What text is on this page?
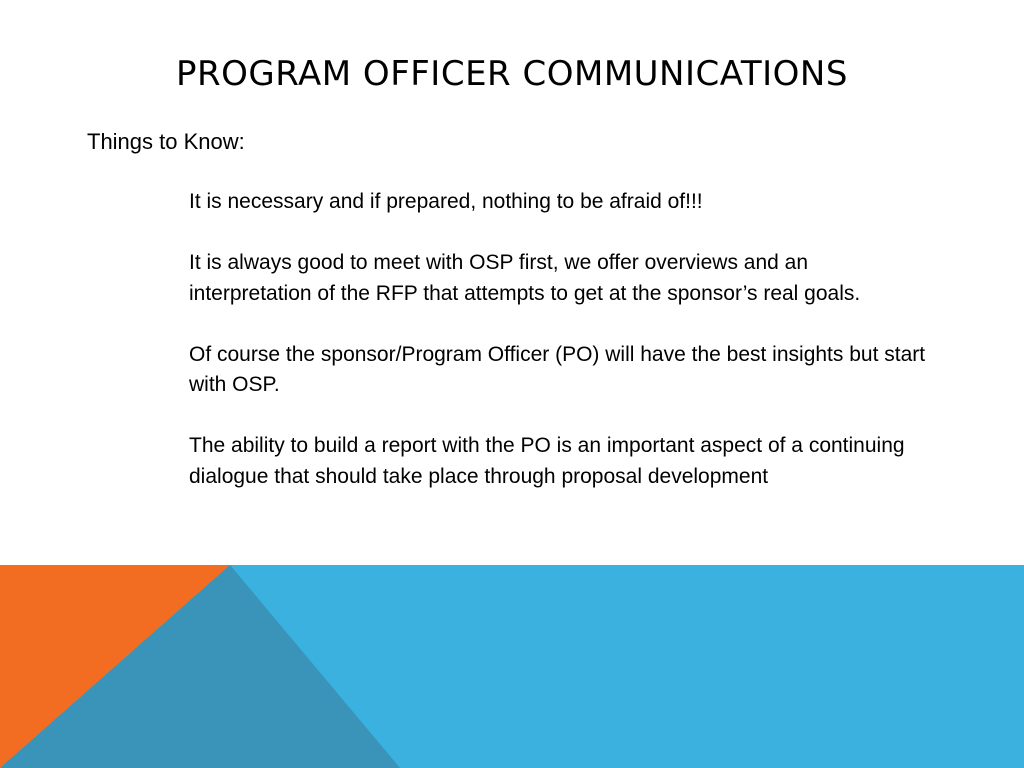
PROGRAM OFFICER COMMUNICATIONS

Things to Know:

It is necessary and if prepared, nothing to be afraid of!!!
It is always good to meet with OSP first, we offer overviews and an interpretation of the RFP that attempts to get at the sponsor’s real goals.
Of course the sponsor/Program Officer (PO) will have the best insights but start with OSP.
The ability to build a report with the PO is an important aspect of a continuing dialogue that should take place through proposal development
